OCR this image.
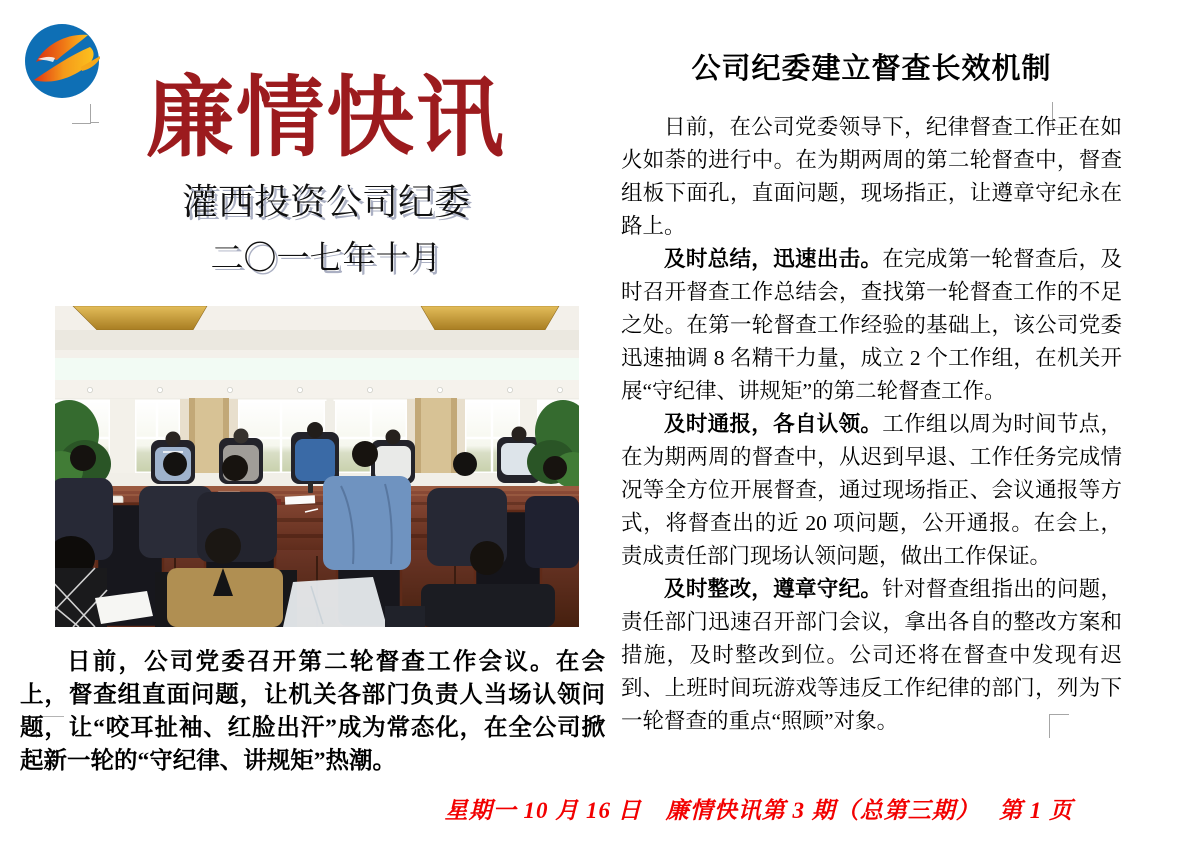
廉情快讯
灌西投资公司纪委
二〇一七年十月

日前，公司党委召开第二轮督查工作会议。在会上，督查组直面问题，让机关各部门负责人当场认领问题，让“咬耳扯袖、红脸出汗”成为常态化，在全公司掀起新一轮的“守纪律、讲规矩”热潮。

公司纪委建立督查长效机制

日前，在公司党委领导下，纪律督查工作正在如火如荼的进行中。在为期两周的第二轮督查中，督查组板下面孔，直面问题，现场指正，让遵章守纪永在路上。

及时总结，迅速出击。在完成第一轮督查后，及时召开督查工作总结会，查找第一轮督查工作的不足之处。在第一轮督查工作经验的基础上，该公司党委迅速抽调 8 名精干力量，成立 2 个工作组，在机关开展“守纪律、讲规矩”的第二轮督查工作。

及时通报，各自认领。工作组以周为时间节点，在为期两周的督查中，从迟到早退、工作任务完成情况等全方位开展督查，通过现场指正、会议通报等方式，将督查出的近 20 项问题，公开通报。在会上，责成责任部门现场认领问题，做出工作保证。

及时整改，遵章守纪。针对督查组指出的问题，责任部门迅速召开部门会议，拿出各自的整改方案和措施，及时整改到位。公司还将在督查中发现有迟到、上班时间玩游戏等违反工作纪律的部门，列为下一轮督查的重点“照顾”对象。

星期一 10 月 16 日　廉情快讯第 3 期（总第三期）　 第 1 页
